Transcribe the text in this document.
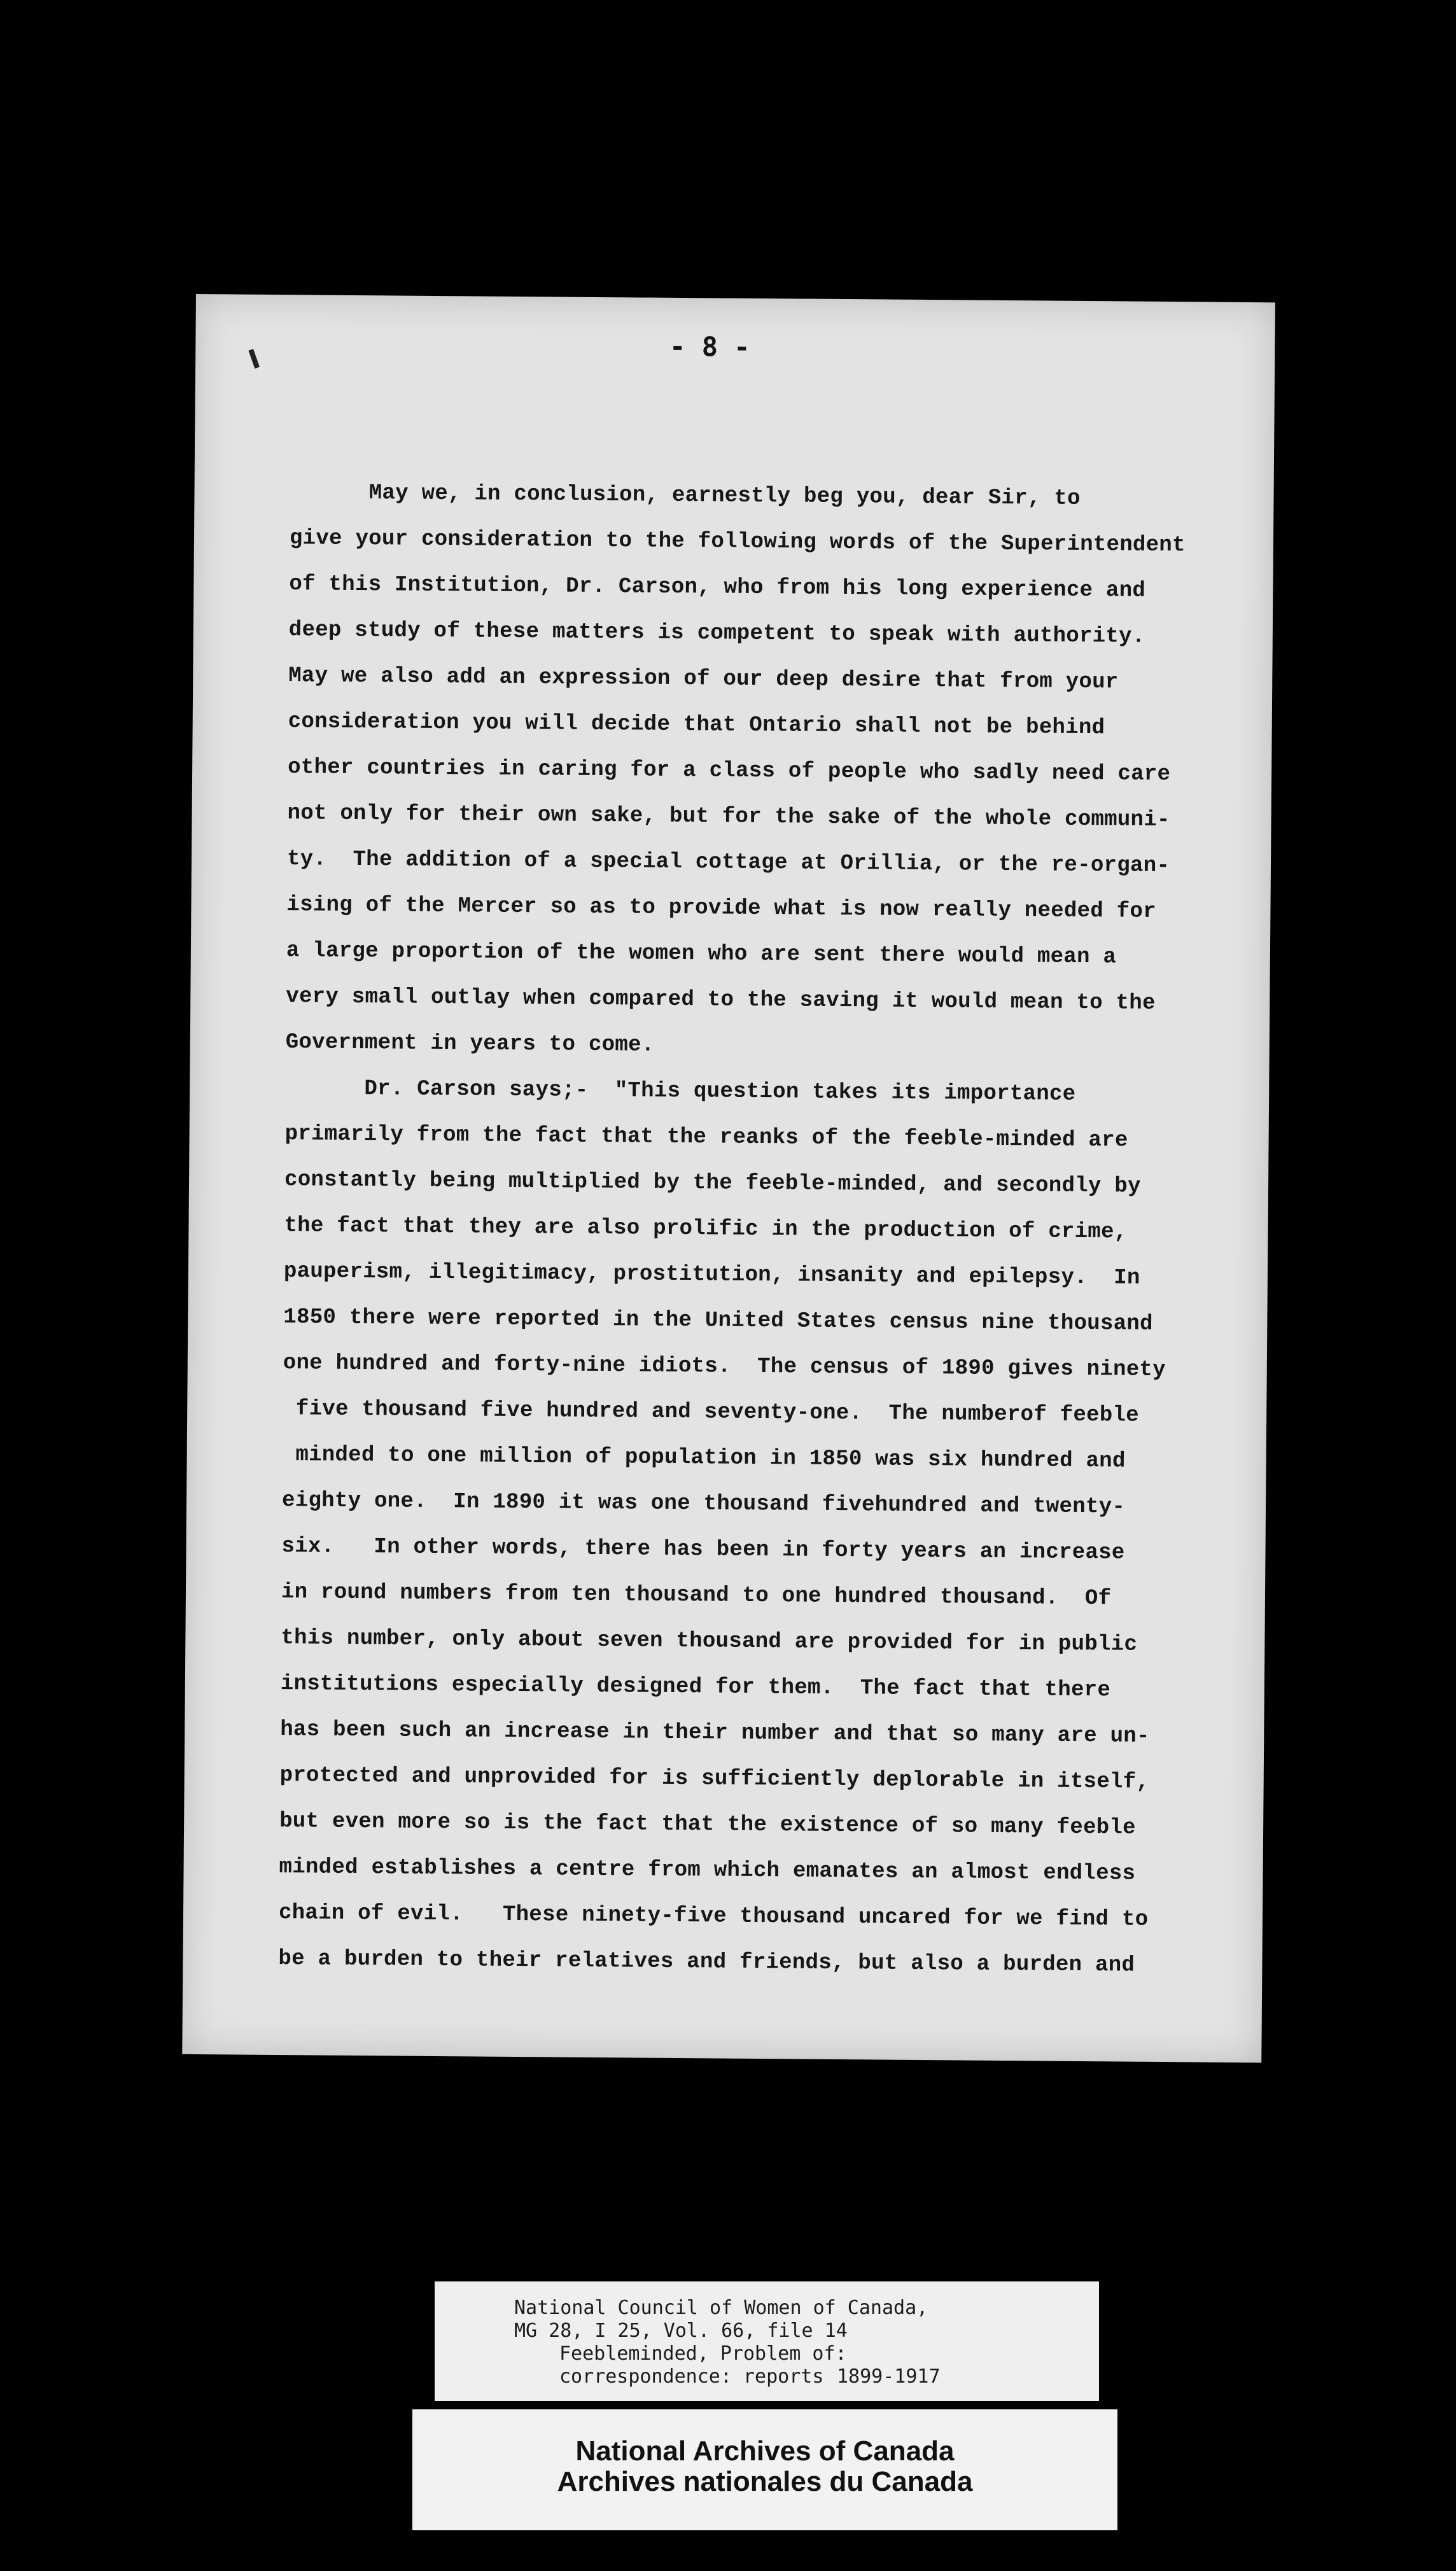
- 8 -
May we, in conclusion, earnestly beg you, dear Sir, to
give your consideration to the following words of the Superintendent
of this Institution, Dr. Carson, who from his long experience and
deep study of these matters is competent to speak with authority.
May we also add an expression of our deep desire that from your
consideration you will decide that Ontario shall not be behind
other countries in caring for a class of people who sadly need care
not only for their own sake, but for the sake of the whole communi-
ty.  The addition of a special cottage at Orillia, or the re-organ-
ising of the Mercer so as to provide what is now really needed for
a large proportion of the women who are sent there would mean a
very small outlay when compared to the saving it would mean to the
Government in years to come.
Dr. Carson says;-  "This question takes its importance
primarily from the fact that the reanks of the feeble-minded are
constantly being multiplied by the feeble-minded, and secondly by
the fact that they are also prolific in the production of crime,
pauperism, illegitimacy, prostitution, insanity and epilepsy.  In
1850 there were reported in the United States census nine thousand
one hundred and forty-nine idiots.  The census of 1890 gives ninety
five thousand five hundred and seventy-one.  The numberof feeble
minded to one million of population in 1850 was six hundred and
eighty one.  In 1890 it was one thousand fivehundred and twenty-
six.   In other words, there has been in forty years an increase
in round numbers from ten thousand to one hundred thousand.  Of
this number, only about seven thousand are provided for in public
institutions especially designed for them.  The fact that there
has been such an increase in their number and that so many are un-
protected and unprovided for is sufficiently deplorable in itself,
but even more so is the fact that the existence of so many feeble
minded establishes a centre from which emanates an almost endless
chain of evil.   These ninety-five thousand uncared for we find to
be a burden to their relatives and friends, but also a burden and
National Council of Women of Canada,
MG 28, I 25, Vol. 66, file 14
Feebleminded, Problem of:
correspondence: reports 1899-1917
National Archives of Canada
Archives nationales du Canada
